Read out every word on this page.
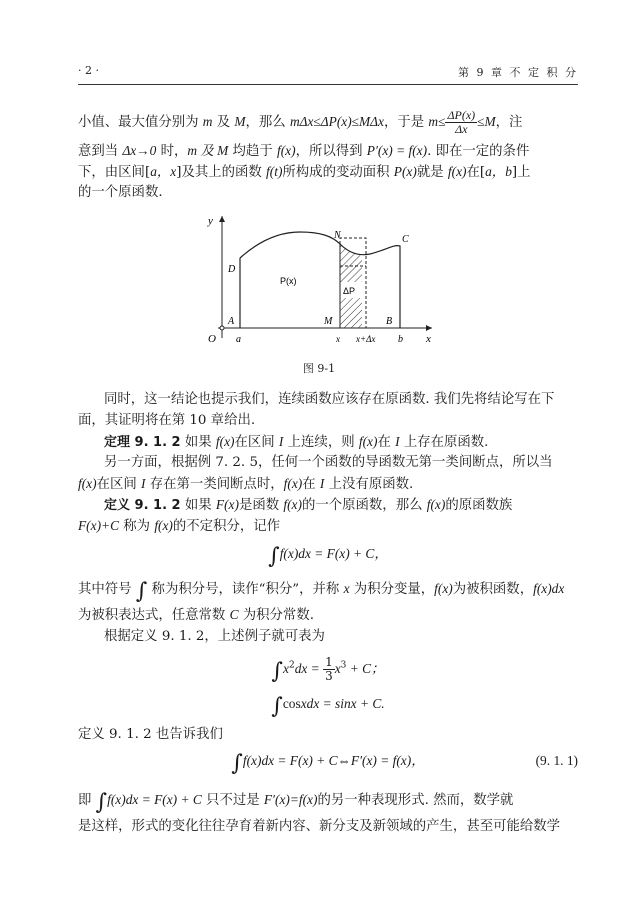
· 2 ·	第 9 章 不 定 积 分
小值、最大值分别为 m 及 M，那么 mΔx≤ΔP(x)≤MΔx，于是 $m\le \frac{\Delta P(x)}{\Delta x} \le M$，注
意到当 Δx→0 时，m 及 M 均趋于 f(x)，所以得到 P′(x) = f(x). 即在一定的条件
下，由区间[a，x]及其上的函数 f(t)所构成的变动面积 P(x)就是 f(x)在[a，b]上
的一个原函数.
y
x
O
A
a
D
N	C
M	B
b
P(x)
ΔP
x x+Δx
图 9-1
同时，这一结论也提示我们，连续函数应该存在原函数. 我们先将结论写在下
面，其证明将在第 10 章给出.
定理 9. 1. 2 如果 f(x)在区间 I 上连续，则 f(x)在 I 上存在原函数.
另一方面，根据例 7. 2. 5，任何一个函数的导函数无第一类间断点，所以当
f(x)在区间 I 存在第一类间断点时，f(x)在 I 上没有原函数.
定义 9. 1. 2 如果 F(x)是函数 f(x)的一个原函数，那么 f(x)的原函数族
F(x)+C 称为 f(x)的不定积分，记作
∫f(x)dx = F(x) + C，
其中符号 ∫ 称为积分号，读作“积分”，并称 x 为积分变量，f(x)为被积函数，f(x)dx
为被积表达式，任意常数 C 为积分常数.
根据定义 9. 1. 2，上述例子就可表为
$\int x^2dx = \frac{1}{3} x^3 + C$；
∫cosxdx = sinx + C.
定义 9. 1. 2 也告诉我们
∫f(x)dx = F(x) + C⇔F′(x) = f(x)，	(9. 1. 1)
即 ∫f(x)dx = F(x) + C 只不过是 F′(x)=f(x)的另一种表现形式. 然而，数学就
是这样，形式的变化往往孕育着新内容、新分支及新领域的产生，甚至可能给数学
